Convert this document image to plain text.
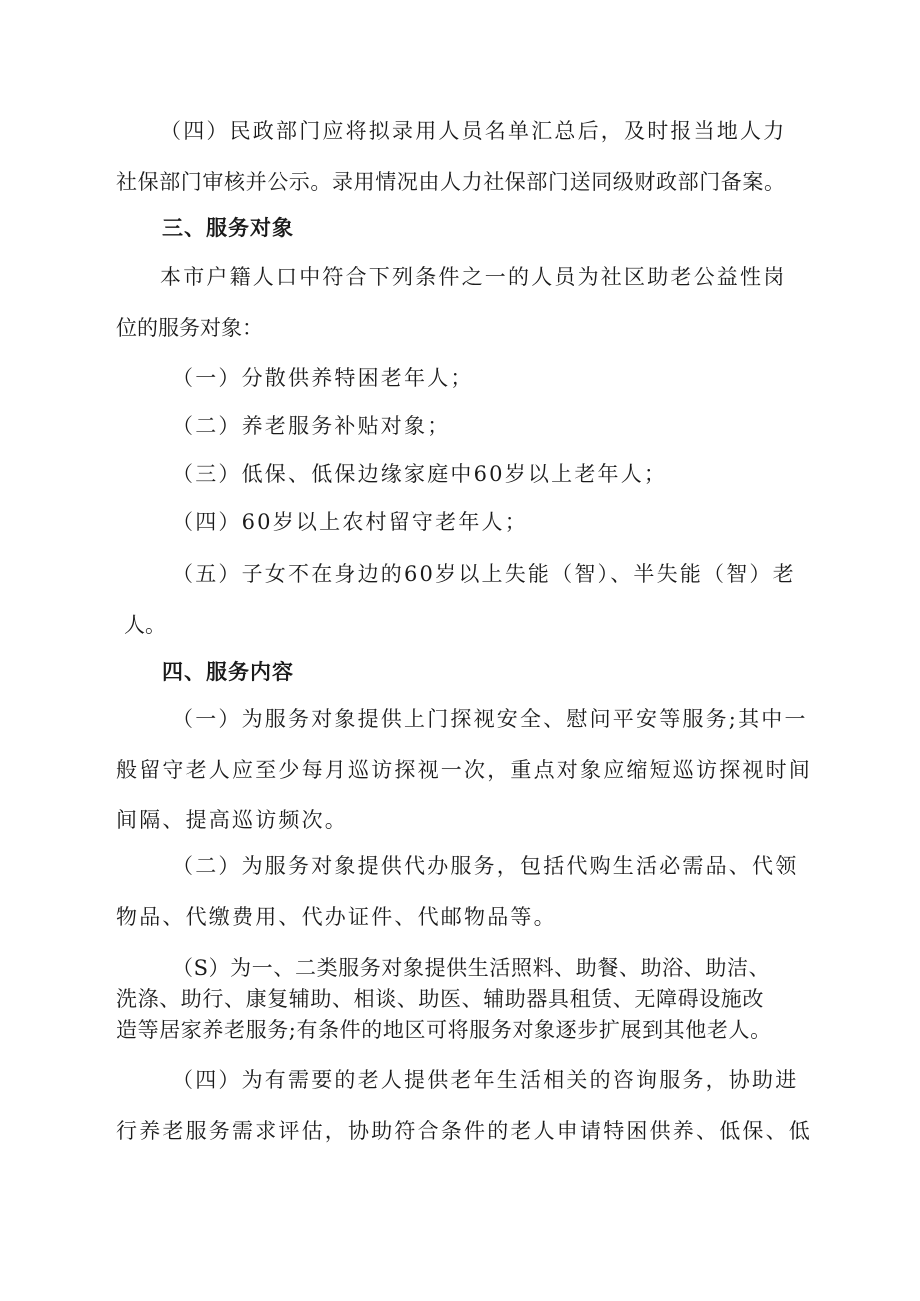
（四）民政部门应将拟录用人员名单汇总后，及时报当地人力
社保部门审核并公示。录用情况由人力社保部门送同级财政部门备案。
三、服务对象
本市户籍人口中符合下列条件之一的人员为社区助老公益性岗
位的服务对象：
（一）分散供养特困老年人；
（二）养老服务补贴对象；
（三）低保、低保边缘家庭中60岁以上老年人；
（四）60岁以上农村留守老年人；
（五）子女不在身边的60岁以上失能（智）、半失能（智）老
人。
四、服务内容
（一）为服务对象提供上门探视安全、慰问平安等服务;其中一
般留守老人应至少每月巡访探视一次，重点对象应缩短巡访探视时间
间隔、提高巡访频次。
（二）为服务对象提供代办服务，包括代购生活必需品、代领
物品、代缴费用、代办证件、代邮物品等。
（S）为一、二类服务对象提供生活照料、助餐、助浴、助洁、
洗涤、助行、康复辅助、相谈、助医、辅助器具租赁、无障碍设施改
造等居家养老服务;有条件的地区可将服务对象逐步扩展到其他老人。
（四）为有需要的老人提供老年生活相关的咨询服务，协助进
行养老服务需求评估，协助符合条件的老人申请特困供养、低保、低
